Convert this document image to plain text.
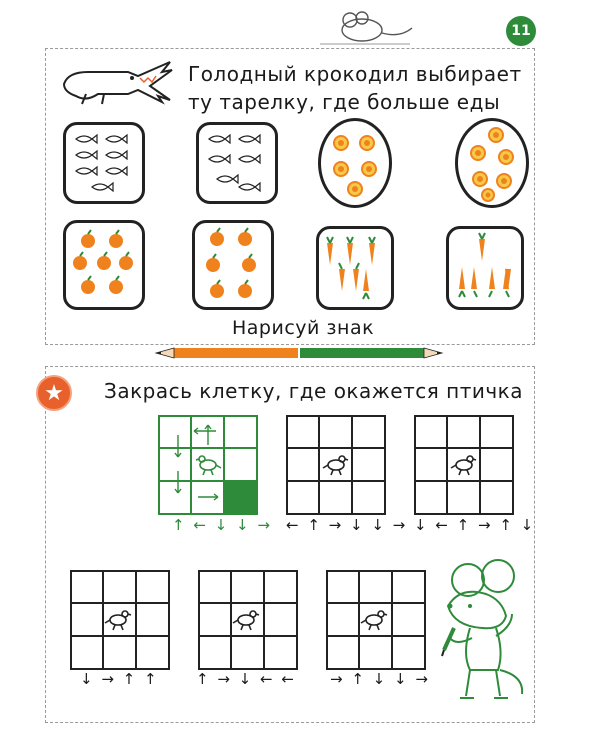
11
Голодный крокодил выбирает
ту тарелку, где больше еды
Нарисуй знак
★	Закрась клетку, где окажется птичка
↑ ← ↓ ↓ → ← ↑ → ↓ ↓ → ↓ ← ↑ → ↑ ↓
↓ → ↑ ↑ ↑ → ↓ ← ← → ↑ ↓ ↓ →
